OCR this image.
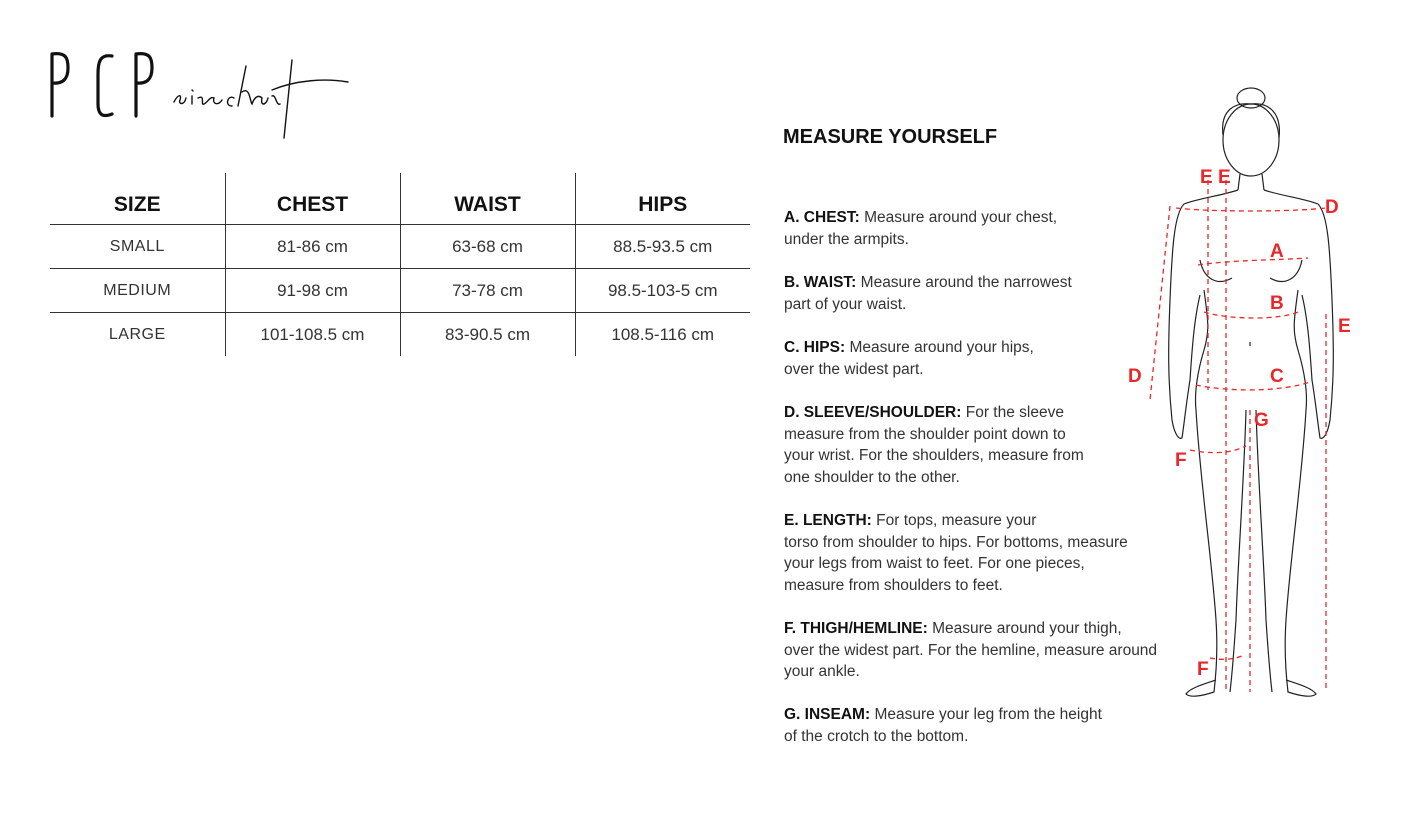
SIZE	CHEST	WAIST	HIPS
SMALL	81-86 cm	63-68 cm	88.5-93.5 cm
MEDIUM	91-98 cm	73-78 cm	98.5-103-5 cm
LARGE	101-108.5 cm	83-90.5 cm	108.5-116 cm
MEASURE YOURSELF
A. CHEST: Measure around your chest,
under the armpits.
B. WAIST: Measure around the narrowest
part of your waist.
C. HIPS: Measure around your hips,
over the widest part.
D. SLEEVE/SHOULDER: For the sleeve
measure from the shoulder point down to
your wrist. For the shoulders, measure from
one shoulder to the other.
E. LENGTH: For tops, measure your
torso from shoulder to hips. For bottoms, measure
your legs from waist to feet. For one pieces,
measure from shoulders to feet.
F. THIGH/HEMLINE: Measure around your thigh,
over the widest part. For the hemline, measure around
your ankle.
G. INSEAM: Measure your leg from the height
of the crotch to the bottom.
E E
D
A
B
E
D	C
G
F
F
